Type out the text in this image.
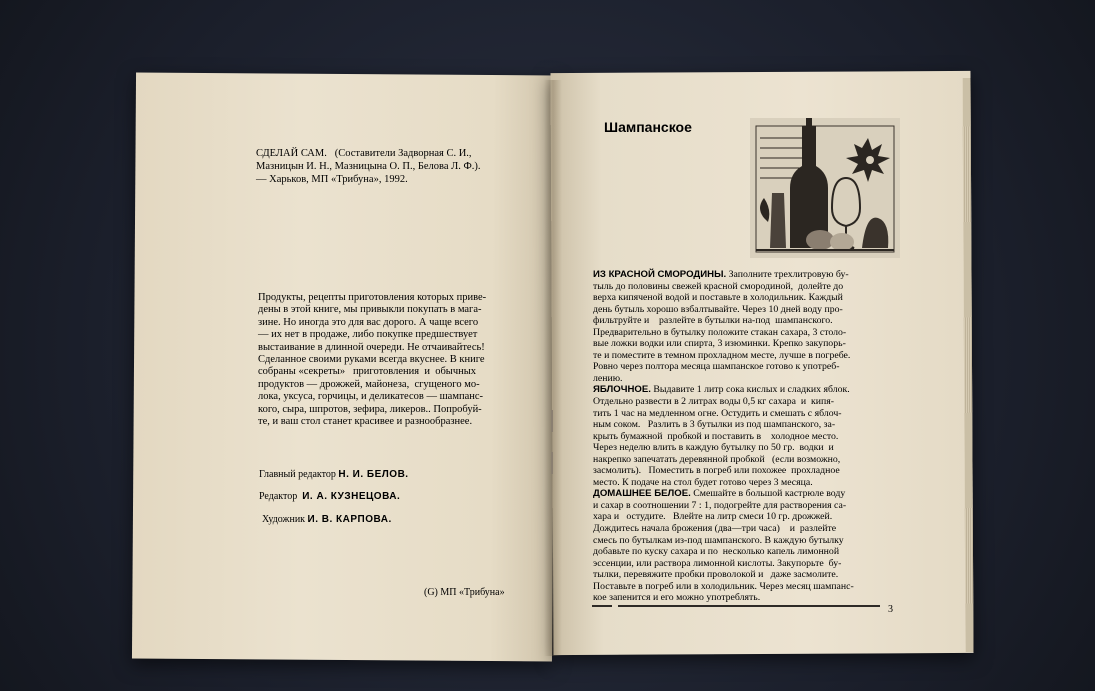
СДЕЛАЙ САМ.   (Составители Задворная С. И.,
Мазницын И. Н., Мазницына О. П., Белова Л. Ф.).
— Харьков, МП «Трибуна», 1992.
Продукты, рецепты приготовления которых приве-
дены в этой книге, мы привыкли покупать в мага-
зине. Но иногда это для вас дорого. А чаще всего
— их нет в продаже, либо покупке предшествует
выстаивание в длинной очереди. Не отчаивайтесь!
Сделанное своими руками всегда вкуснее. В книге
собраны «секреты»   приготовления  и  обычных
продуктов — дрожжей, майонеза,  сгущеного мо-
лока, уксуса, горчицы, и деликатесов — шампанс-
кого, сыра, шпротов, зефира, ликеров.. Попробуй-
те, и ваш стол станет красивее и разнообразнее.
Главный редактор Н. И. БЕЛОВ.
Редактор И. А. КУЗНЕЦОВА.
Художник И. В. КАРПОВА.
(G) МП «Трибуна»
Шампанское
ИЗ КРАСНОЙ СМОРОДИНЫ. Заполните трехлитровую бу-
тыль до половины свежей красной смородиной,  долейте до
верха кипяченой водой и поставьте в холодильник. Каждый
день бутыль хорошо взбалтывайте. Через 10 дней воду про-
фильтруйте и    разлейте в бутылки на-под  шампанского.
Предварительно в бутылку положите стакан сахара, 3 столо-
вые ложки водки или спирта, 3 изюминки. Крепко закупорь-
те и поместите в темном прохладном месте, лучше в погребе.
Ровно через полтора месяца шампанское готово к употреб-
лению.
ЯБЛОЧНОЕ. Выдавите 1 литр сока кислых и сладких яблок.
Отдельно развести в 2 литрах воды 0,5 кг сахара  и  кипя-
тить 1 час на медленном огне. Остудить и смешать с яблоч-
ным соком.   Разлить в 3 бутылки из под шампанского, за-
крыть бумажной  пробкой и поставить в    холодное место.
Через неделю влить в каждую бутылку по 50 гр.  водки  и
накрепко запечатать деревянной пробкой   (если возможно,
засмолить).   Поместить в погреб или похожее  прохладное
место. К подаче на стол будет готово через 3 месяца.
ДОМАШНЕЕ БЕЛОЕ. Смешайте в большой кастрюле воду
и сахар в соотношении 7 : 1, подогрейте для растворения са-
хара и   остудите.   Влейте на литр смеси 10 гр. дрожжей.
Дождитесь начала брожения (два—три часа)    и  разлейте
смесь по бутылкам из-под шампанского. В каждую бутылку
добавьте по куску сахара и по  несколько капель лимонной
эссенции, или раствора лимонной кислоты. Закупорьте  бу-
тылки, перевяжите пробки проволокой и   даже засмолите.
Поставьте в погреб или в холодильник. Через месяц шампанс-
кое запенится и его можно употреблять.
3
